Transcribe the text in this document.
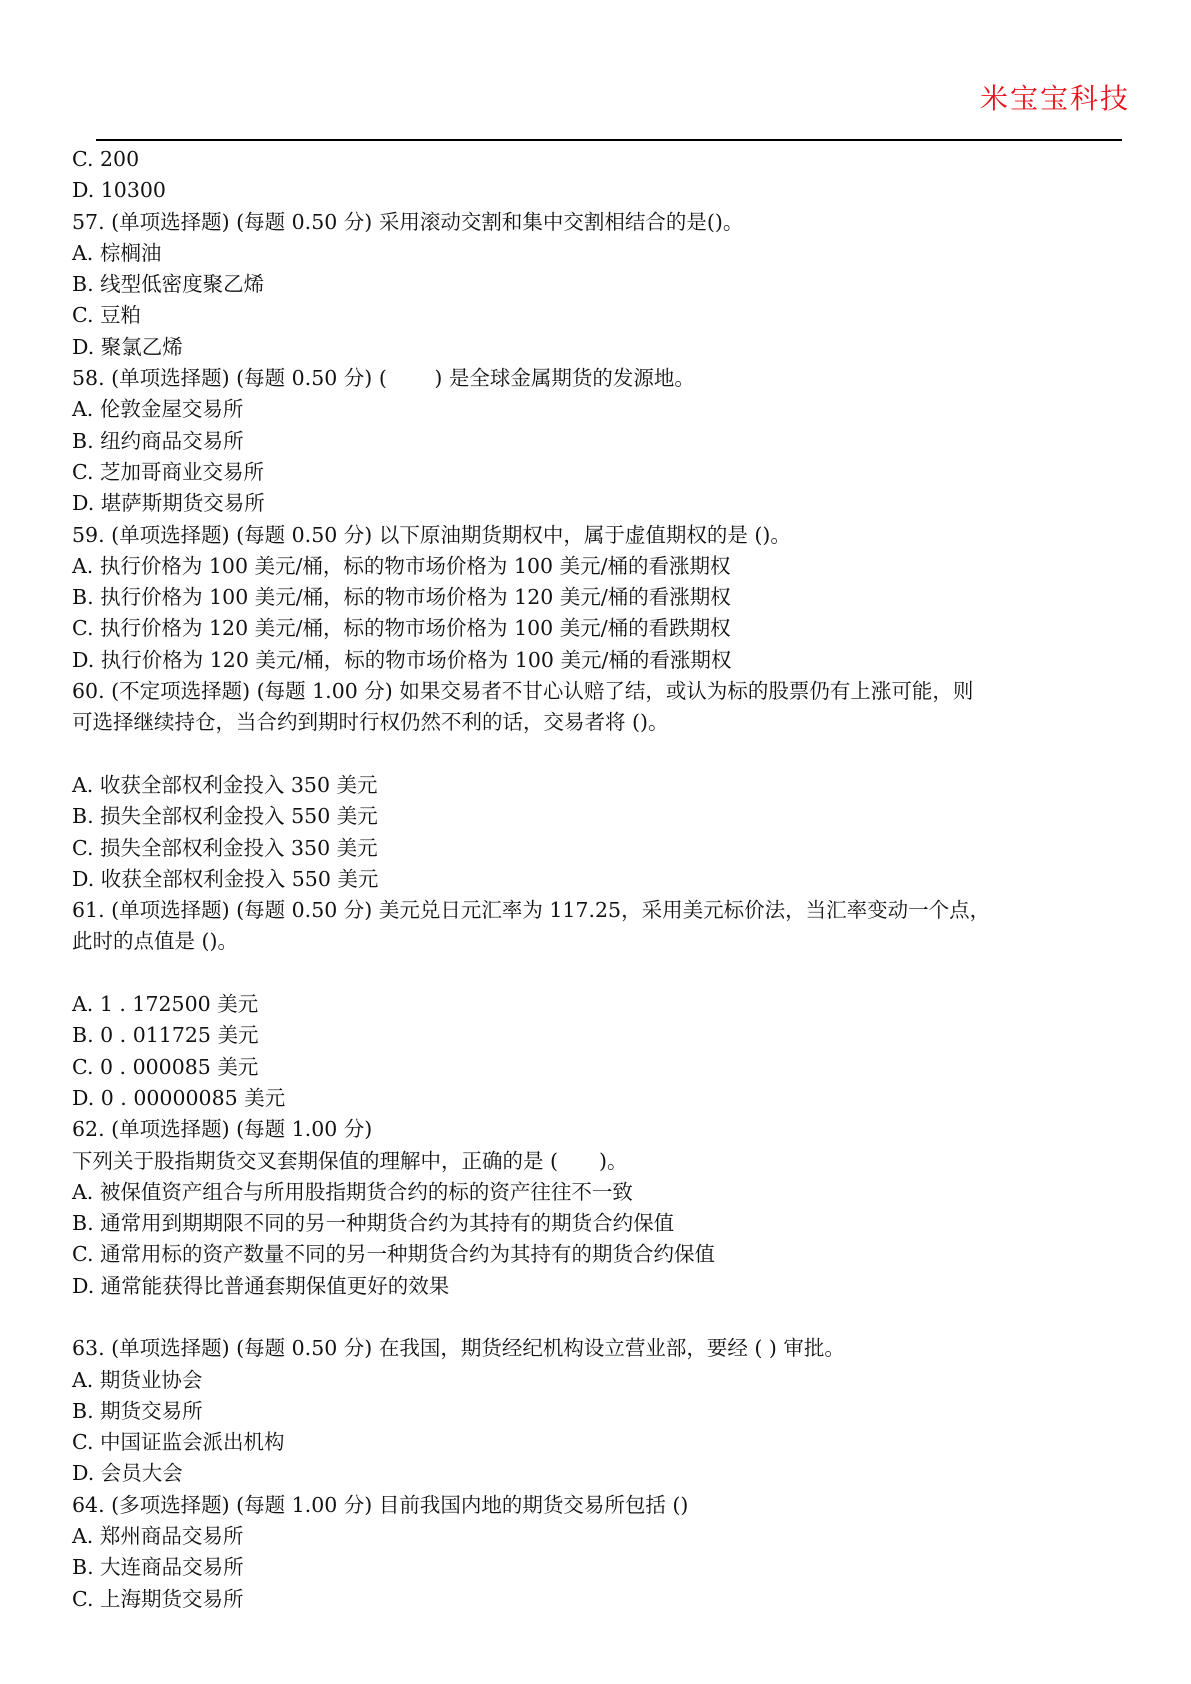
米宝宝科技
C. 200
D. 10300
57. (单项选择题) (每题 0.50 分) 采用滚动交割和集中交割相结合的是()。
A. 棕榈油
B. 线型低密度聚乙烯
C. 豆粕
D. 聚氯乙烯
58. (单项选择题) (每题 0.50 分) (　　 ) 是全球金属期货的发源地。
A. 伦敦金屋交易所
B. 纽约商品交易所
C. 芝加哥商业交易所
D. 堪萨斯期货交易所
59. (单项选择题) (每题 0.50 分) 以下原油期货期权中，属于虚值期权的是 ()。
A. 执行价格为 100 美元/桶，标的物市场价格为 100 美元/桶的看涨期权
B. 执行价格为 100 美元/桶，标的物市场价格为 120 美元/桶的看涨期权
C. 执行价格为 120 美元/桶，标的物市场价格为 100 美元/桶的看跌期权
D. 执行价格为 120 美元/桶，标的物市场价格为 100 美元/桶的看涨期权
60. (不定项选择题) (每题 1.00 分) 如果交易者不甘心认赔了结，或认为标的股票仍有上涨可能，则
可选择继续持仓，当合约到期时行权仍然不利的话，交易者将 ()。
A. 收获全部权利金投入 350 美元
B. 损失全部权利金投入 550 美元
C. 损失全部权利金投入 350 美元
D. 收获全部权利金投入 550 美元
61. (单项选择题) (每题 0.50 分) 美元兑日元汇率为 117.25，采用美元标价法，当汇率变动一个点，
此时的点值是 ()。
A. 1 . 172500 美元
B. 0 . 011725 美元
C. 0 . 000085 美元
D. 0 . 00000085 美元
62. (单项选择题) (每题 1.00 分)
下列关于股指期货交叉套期保值的理解中，正确的是 (　　)。
A. 被保值资产组合与所用股指期货合约的标的资产往往不一致
B. 通常用到期期限不同的另一种期货合约为其持有的期货合约保值
C. 通常用标的资产数量不同的另一种期货合约为其持有的期货合约保值
D. 通常能获得比普通套期保值更好的效果
63. (单项选择题) (每题 0.50 分) 在我国，期货经纪机构设立营业部，要经 ( ) 审批。
A. 期货业协会
B. 期货交易所
C. 中国证监会派出机构
D. 会员大会
64. (多项选择题) (每题 1.00 分) 目前我国内地的期货交易所包括 ()
A. 郑州商品交易所
B. 大连商品交易所
C. 上海期货交易所
